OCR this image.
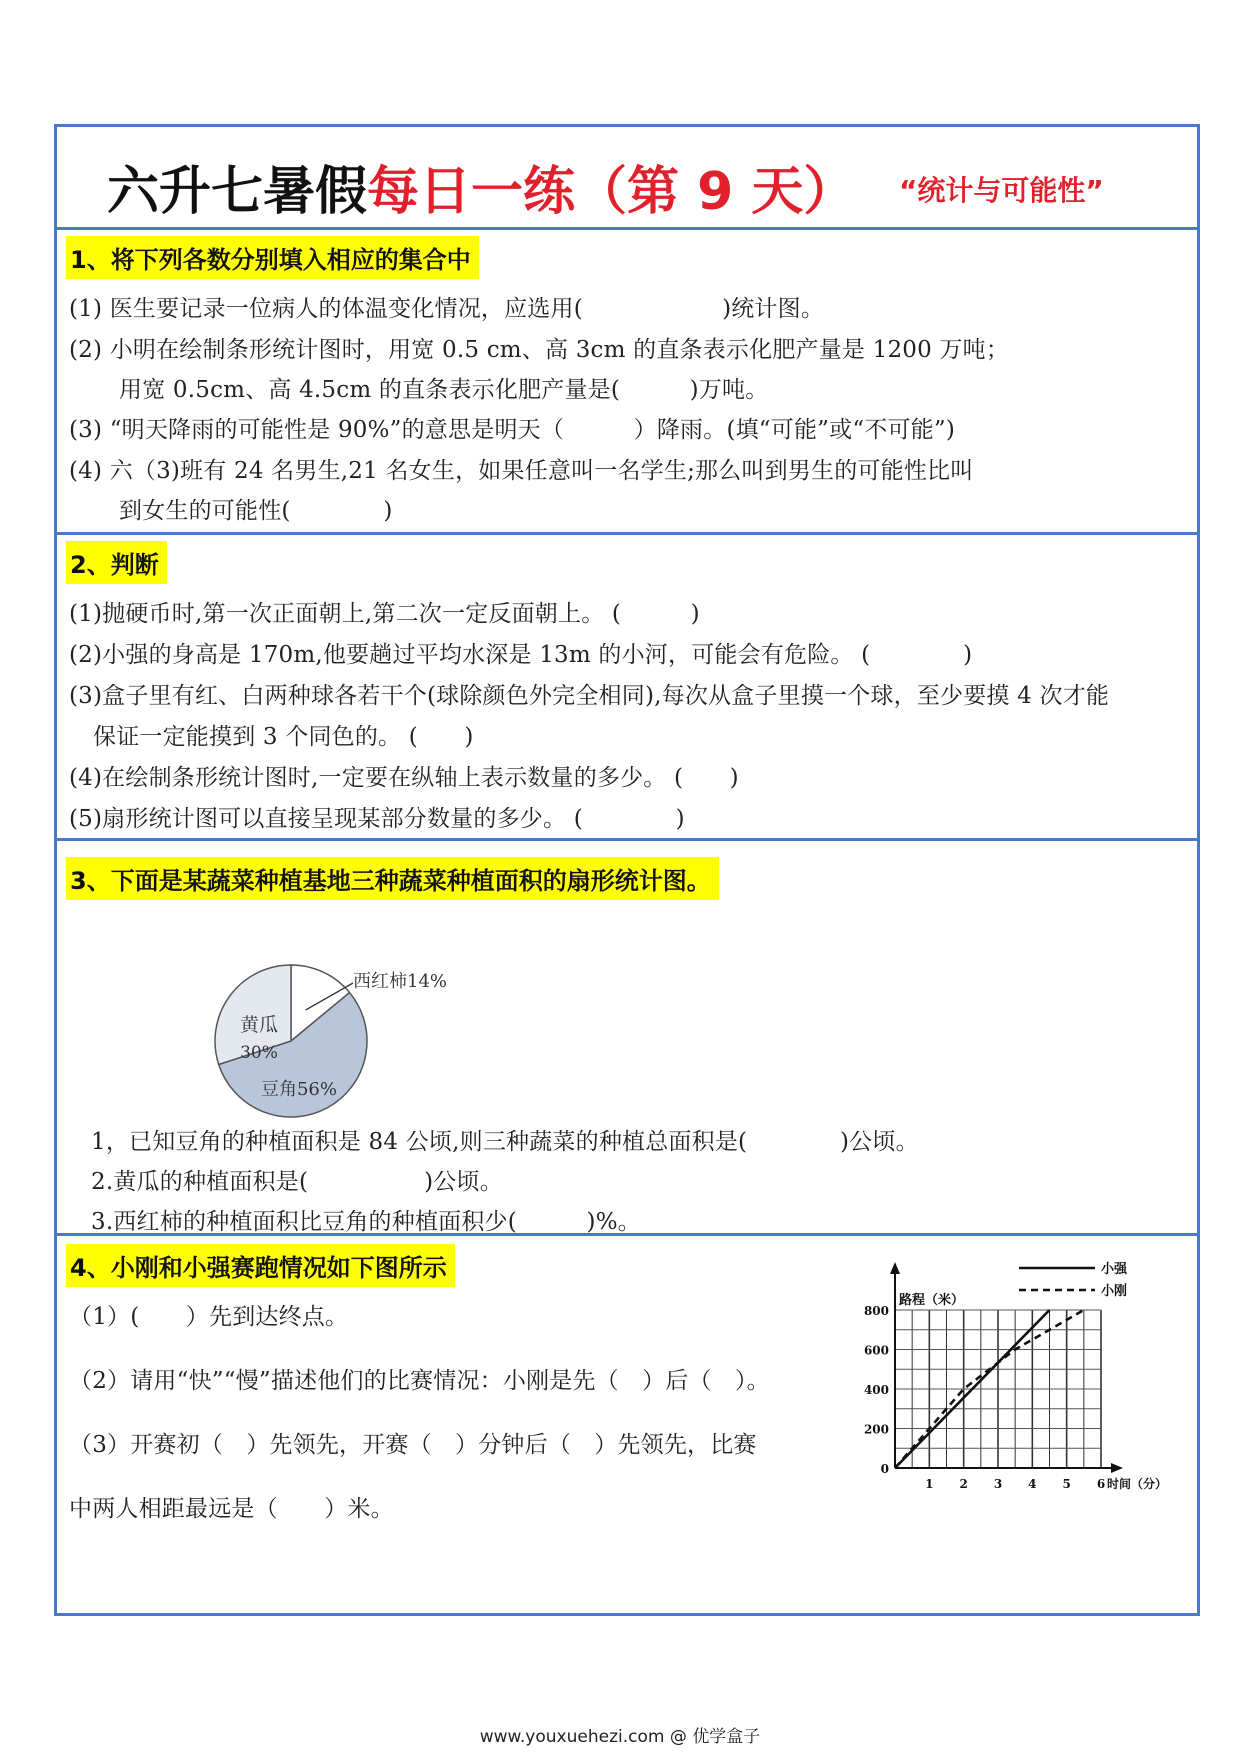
六升七暑假每日一练（第 9 天） “统计与可能性”
1、将下列各数分别填入相应的集合中
(1) 医生要记录一位病人的体温变化情况，应选用(　　　　　　)统计图。
(2) 小明在绘制条形统计图时，用宽 0.5 cm、高 3cm 的直条表示化肥产量是 1200 万吨；
用宽 0.5cm、高 4.5cm 的直条表示化肥产量是(　　　)万吨。
(3) “明天降雨的可能性是 90%”的意思是明天（　　　）降雨。(填“可能”或“不可能”)
(4) 六（3)班有 24 名男生,21 名女生，如果任意叫一名学生;那么叫到男生的可能性比叫
到女生的可能性(　　　　)
2、判断
(1)抛硬币时,第一次正面朝上,第二次一定反面朝上。 (　　　)
(2)小强的身高是 170m,他要趟过平均水深是 13m 的小河，可能会有危险。 (　　　　)
(3)盒子里有红、白两种球各若干个(球除颜色外完全相同),每次从盒子里摸一个球，至少要摸 4 次才能
保证一定能摸到 3 个同色的。 (　　)
(4)在绘制条形统计图时,一定要在纵轴上表示数量的多少。 (　　)
(5)扇形统计图可以直接呈现某部分数量的多少。 (　　　　)
3、下面是某蔬菜种植基地三种蔬菜种植面积的扇形统计图。
西红柿14%
黄瓜
30%
豆角56%
1，已知豆角的种植面积是 84 公顷,则三种蔬菜的种植总面积是(　　　　)公顷。
2.黄瓜的种植面积是(　　　　　)公顷。
3.西红柿的种植面积比豆角的种植面积少(　　　)%。
4、小刚和小强赛跑情况如下图所示
（1）(　　）先到达终点。
（2）请用“快”“慢”描述他们的比赛情况：小刚是先（　）后（　）。
（3）开赛初（　）先领先，开赛（　）分钟后（　）先领先，比赛
中两人相距最远是（　　）米。
0
200
400
600
800
1 2 3 4 5 6
路程（米）
时间（分）
小强
小刚
www.youxuehezi.com @ 优学盒子
